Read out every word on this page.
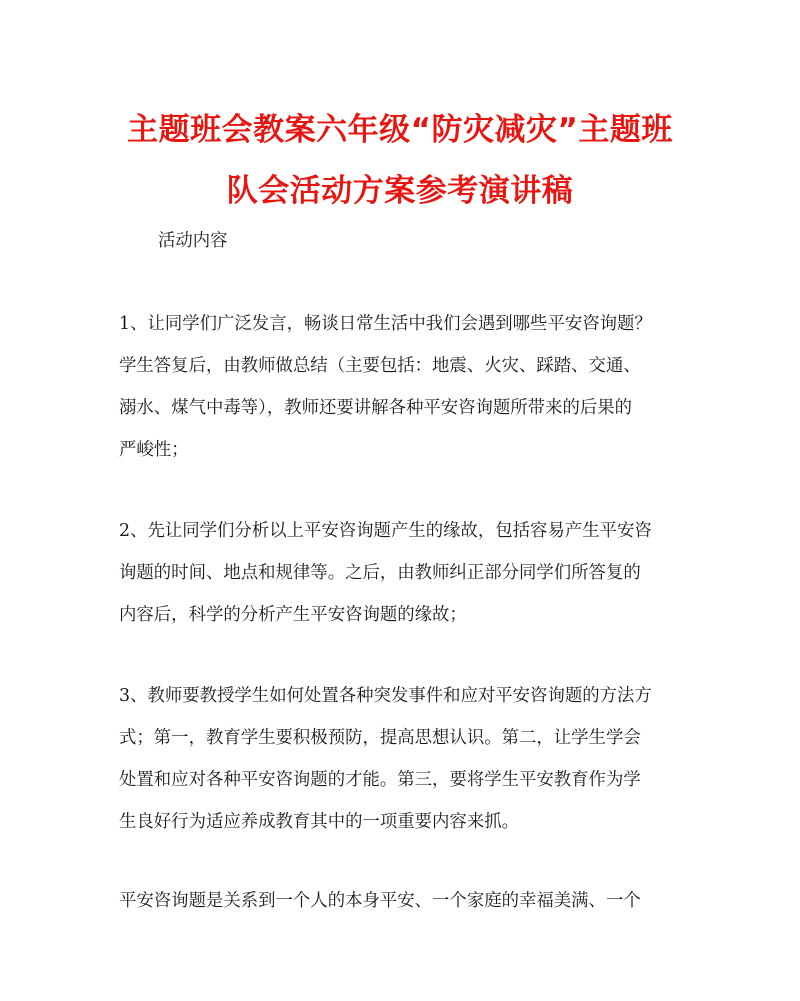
主题班会教案六年级“防灾减灾”主题班
队会活动方案参考演讲稿
活动内容
1、让同学们广泛发言，畅谈日常生活中我们会遇到哪些平安咨询题？
学生答复后，由教师做总结（主要包括：地震、火灾、踩踏、交通、
溺水、煤气中毒等），教师还要讲解各种平安咨询题所带来的后果的
严峻性；
2、先让同学们分析以上平安咨询题产生的缘故，包括容易产生平安咨
询题的时间、地点和规律等。之后，由教师纠正部分同学们所答复的
内容后，科学的分析产生平安咨询题的缘故；
3、教师要教授学生如何处置各种突发事件和应对平安咨询题的方法方
式；第一，教育学生要积极预防，提高思想认识。第二，让学生学会
处置和应对各种平安咨询题的才能。第三，要将学生平安教育作为学
生良好行为适应养成教育其中的一项重要内容来抓。
平安咨询题是关系到一个人的本身平安、一个家庭的幸福美满、一个
